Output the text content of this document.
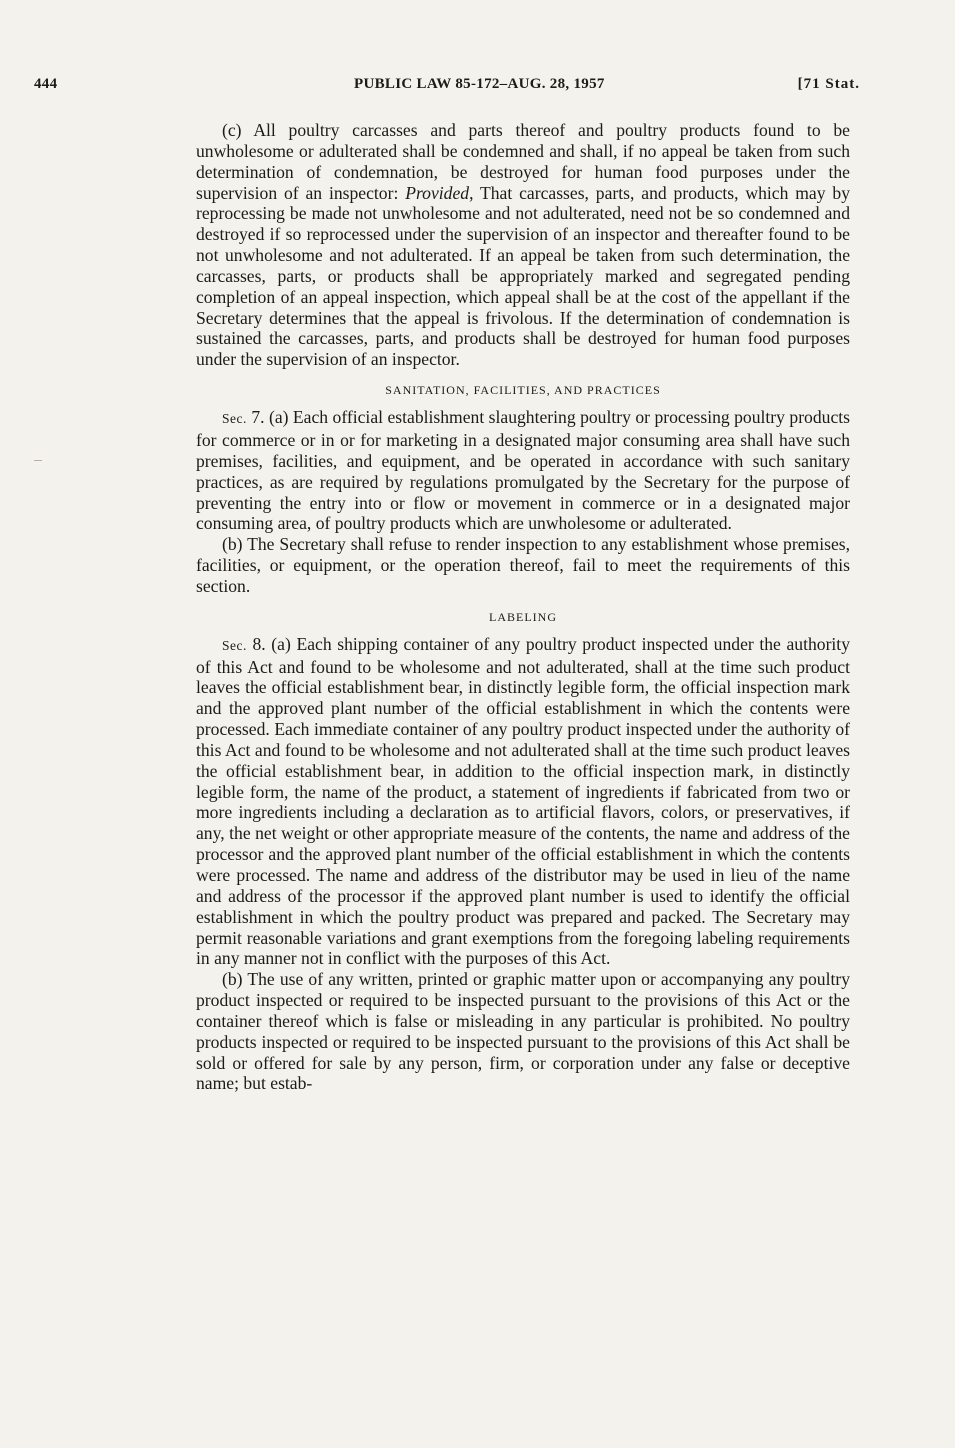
444	PUBLIC LAW 85-172–AUG. 28, 1957	[71 Stat.

(c) All poultry carcasses and parts thereof and poultry products found to be unwholesome or adulterated shall be condemned and shall, if no appeal be taken from such determination of condemnation, be destroyed for human food purposes under the supervision of an inspector: Provided, That carcasses, parts, and products, which may by reprocessing be made not unwholesome and not adulterated, need not be so condemned and destroyed if so reprocessed under the supervision of an inspector and thereafter found to be not unwholesome and not adulterated. If an appeal be taken from such determination, the carcasses, parts, or products shall be appropriately marked and segregated pending completion of an appeal inspection, which appeal shall be at the cost of the appellant if the Secretary determines that the appeal is frivolous. If the determination of condemnation is sustained the carcasses, parts, and products shall be destroyed for human food purposes under the supervision of an inspector.

SANITATION, FACILITIES, AND PRACTICES

Sec. 7. (a) Each official establishment slaughtering poultry or processing poultry products for commerce or in or for marketing in a designated major consuming area shall have such premises, facilities, and equipment, and be operated in accordance with such sanitary practices, as are required by regulations promulgated by the Secretary for the purpose of preventing the entry into or flow or movement in commerce or in a designated major consuming area, of poultry products which are unwholesome or adulterated.

(b) The Secretary shall refuse to render inspection to any establishment whose premises, facilities, or equipment, or the operation thereof, fail to meet the requirements of this section.

LABELING

Sec. 8. (a) Each shipping container of any poultry product inspected under the authority of this Act and found to be wholesome and not adulterated, shall at the time such product leaves the official establishment bear, in distinctly legible form, the official inspection mark and the approved plant number of the official establishment in which the contents were processed. Each immediate container of any poultry product inspected under the authority of this Act and found to be wholesome and not adulterated shall at the time such product leaves the official establishment bear, in addition to the official inspection mark, in distinctly legible form, the name of the product, a statement of ingredients if fabricated from two or more ingredients including a declaration as to artificial flavors, colors, or preservatives, if any, the net weight or other appropriate measure of the contents, the name and address of the processor and the approved plant number of the official establishment in which the contents were processed. The name and address of the distributor may be used in lieu of the name and address of the processor if the approved plant number is used to identify the official establishment in which the poultry product was prepared and packed. The Secretary may permit reasonable variations and grant exemptions from the foregoing labeling requirements in any manner not in conflict with the purposes of this Act.

(b) The use of any written, printed or graphic matter upon or accompanying any poultry product inspected or required to be inspected pursuant to the provisions of this Act or the container thereof which is false or misleading in any particular is prohibited. No poultry products inspected or required to be inspected pursuant to the provisions of this Act shall be sold or offered for sale by any person, firm, or corporation under any false or deceptive name; but estab-
